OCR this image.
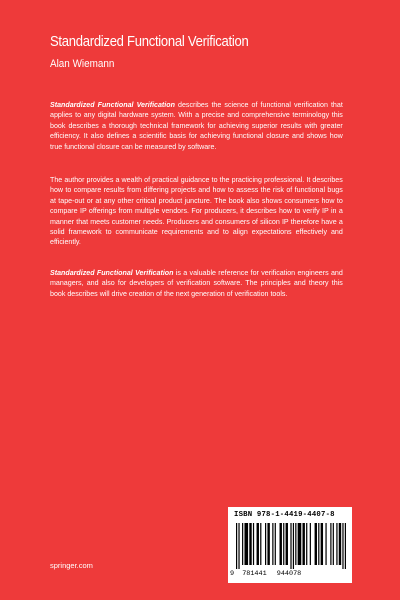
Standardized Functional Verification
Alan Wiemann
Standardized Functional Verification describes the science of functional verification that applies to any digital hardware system. With a precise and comprehensive terminology this book describes a thorough technical framework for achieving superior results with greater efficiency. It also defines a scientific basis for achieving functional closure and shows how true functional closure can be measured by software.
The author provides a wealth of practical guidance to the practicing professional. It describes how to compare results from differing projects and how to assess the risk of functional bugs at tape-out or at any other critical product juncture. The book also shows consumers how to compare IP offerings from multiple vendors. For producers, it describes how to verify IP in a manner that meets customer needs. Producers and consumers of silicon IP therefore have a solid framework to communicate requirements and to align expectations effectively and efficiently.
Standardized Functional Verification is a valuable reference for verification engineers and managers, and also for developers of verification software. The principles and theory this book describes will drive creation of the next generation of verification tools.
ISBN 978-1-4419-4407-8
9 781441 944078
springer.com
